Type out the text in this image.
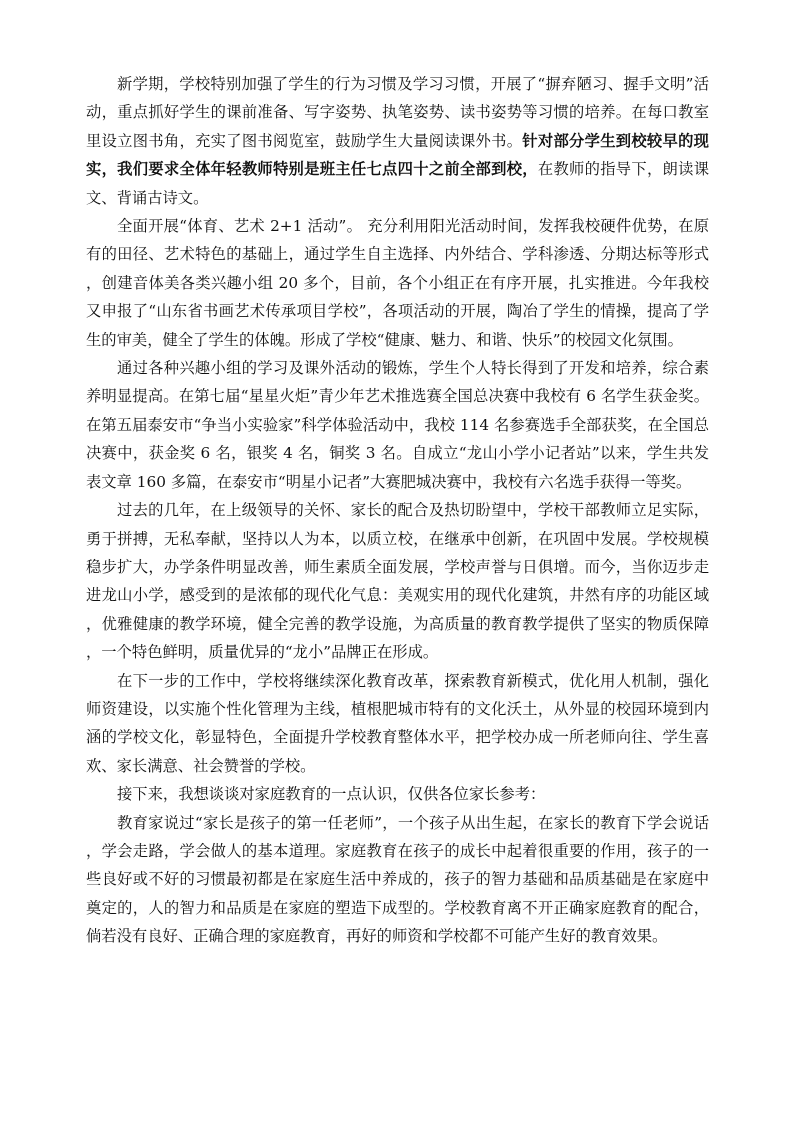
新学期，学校特别加强了学生的行为习惯及学习习惯，开展了“摒弃陋习、握手文明”活动，重点抓好学生的课前准备、写字姿势、执笔姿势、读书姿势等习惯的培养。在每口教室里设立图书角，充实了图书阅览室，鼓励学生大量阅读课外书。针对部分学生到校较早的现实，我们要求全体年轻教师特别是班主任七点四十之前全部到校，在教师的指导下，朗读课文、背诵古诗文。

全面开展“体育、艺术 2+1 活动”。 充分利用阳光活动时间，发挥我校硬件优势，在原有的田径、艺术特色的基础上，通过学生自主选择、内外结合、学科渗透、分期达标等形式，创建音体美各类兴趣小组 20 多个，目前，各个小组正在有序开展，扎实推进。今年我校又申报了“山东省书画艺术传承项目学校”，各项活动的开展，陶冶了学生的情操，提高了学生的审美，健全了学生的体魄。形成了学校“健康、魅力、和谐、快乐”的校园文化氛围。

通过各种兴趣小组的学习及课外活动的锻炼，学生个人特长得到了开发和培养，综合素养明显提高。在第七届“星星火炬”青少年艺术推选赛全国总决赛中我校有 6 名学生获金奖。在第五届泰安市“争当小实验家”科学体验活动中，我校 114 名参赛选手全部获奖，在全国总决赛中，获金奖 6 名，银奖 4 名，铜奖 3 名。自成立“龙山小学小记者站”以来，学生共发表文章 160 多篇，在泰安市“明星小记者”大赛肥城决赛中，我校有六名选手获得一等奖。

过去的几年，在上级领导的关怀、家长的配合及热切盼望中，学校干部教师立足实际，勇于拼搏，无私奉献，坚持以人为本，以质立校，在继承中创新，在巩固中发展。学校规模稳步扩大，办学条件明显改善，师生素质全面发展，学校声誉与日俱增。而今，当你迈步走进龙山小学，感受到的是浓郁的现代化气息：美观实用的现代化建筑，井然有序的功能区域，优雅健康的教学环境，健全完善的教学设施，为高质量的教育教学提供了坚实的物质保障，一个特色鲜明，质量优异的“龙小”品牌正在形成。

在下一步的工作中，学校将继续深化教育改革，探索教育新模式，优化用人机制，强化师资建设，以实施个性化管理为主线，植根肥城市特有的文化沃土，从外显的校园环境到内涵的学校文化，彰显特色，全面提升学校教育整体水平，把学校办成一所老师向往、学生喜欢、家长满意、社会赞誉的学校。

接下来，我想谈谈对家庭教育的一点认识，仅供各位家长参考：

教育家说过“家长是孩子的第一任老师”，一个孩子从出生起，在家长的教育下学会说话，学会走路，学会做人的基本道理。家庭教育在孩子的成长中起着很重要的作用，孩子的一些良好或不好的习惯最初都是在家庭生活中养成的，孩子的智力基础和品质基础是在家庭中奠定的，人的智力和品质是在家庭的塑造下成型的。学校教育离不开正确家庭教育的配合，倘若没有良好、正确合理的家庭教育，再好的师资和学校都不可能产生好的教育效果。
